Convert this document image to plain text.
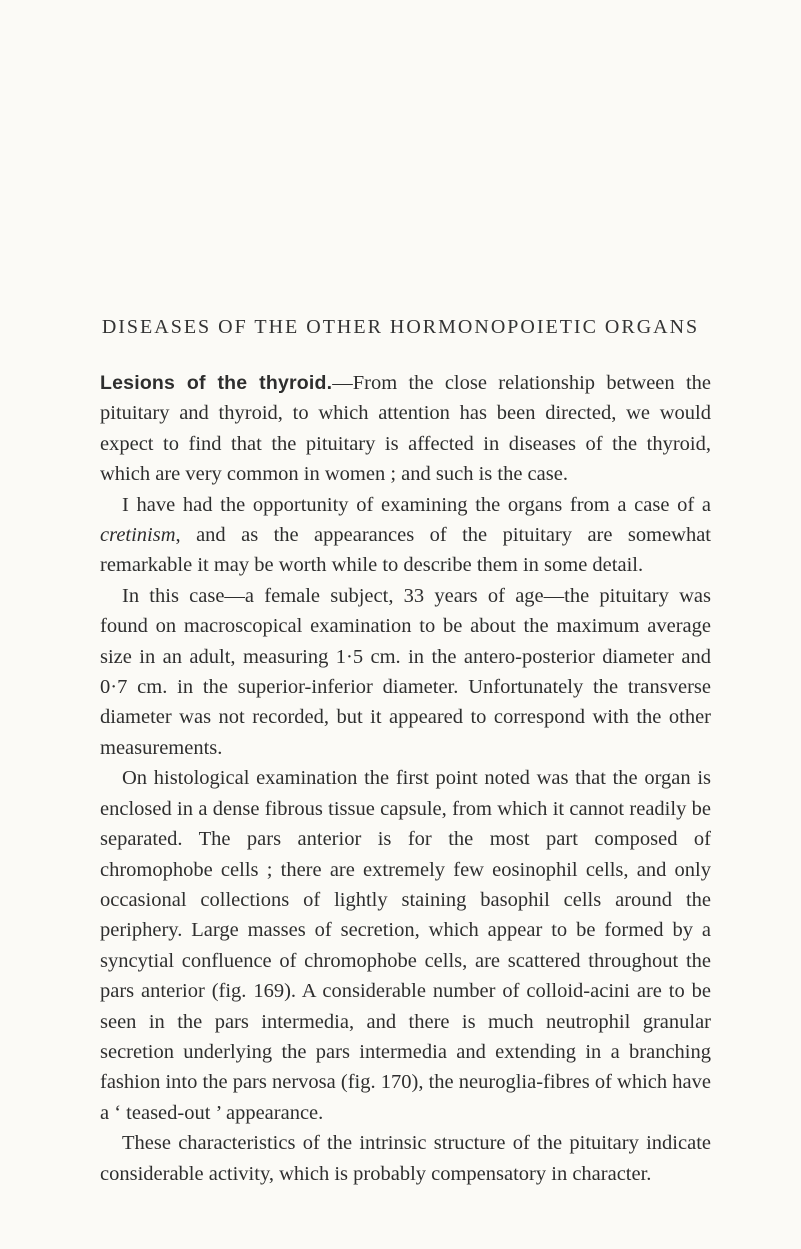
DISEASES OF THE OTHER HORMONOPOIETIC ORGANS

Lesions of the thyroid.—From the close relationship between the pituitary and thyroid, to which attention has been directed, we would expect to find that the pituitary is affected in diseases of the thyroid, which are very common in women ; and such is the case.

I have had the opportunity of examining the organs from a case of a cretinism, and as the appearances of the pituitary are somewhat remarkable it may be worth while to describe them in some detail.

In this case—a female subject, 33 years of age—the pituitary was found on macroscopical examination to be about the maximum average size in an adult, measuring 1·5 cm. in the antero-posterior diameter and 0·7 cm. in the superior-inferior diameter. Unfortunately the transverse diameter was not recorded, but it appeared to correspond with the other measurements.

On histological examination the first point noted was that the organ is enclosed in a dense fibrous tissue capsule, from which it cannot readily be separated. The pars anterior is for the most part composed of chromophobe cells ; there are extremely few eosinophil cells, and only occasional collections of lightly staining basophil cells around the periphery. Large masses of secretion, which appear to be formed by a syncytial confluence of chromophobe cells, are scattered throughout the pars anterior (fig. 169). A considerable number of colloid-acini are to be seen in the pars intermedia, and there is much neutrophil granular secretion underlying the pars intermedia and extending in a branching fashion into the pars nervosa (fig. 170), the neuroglia-fibres of which have a ‘ teased-out ’ appearance.

These characteristics of the intrinsic structure of the pituitary indicate considerable activity, which is probably compensatory in character.
